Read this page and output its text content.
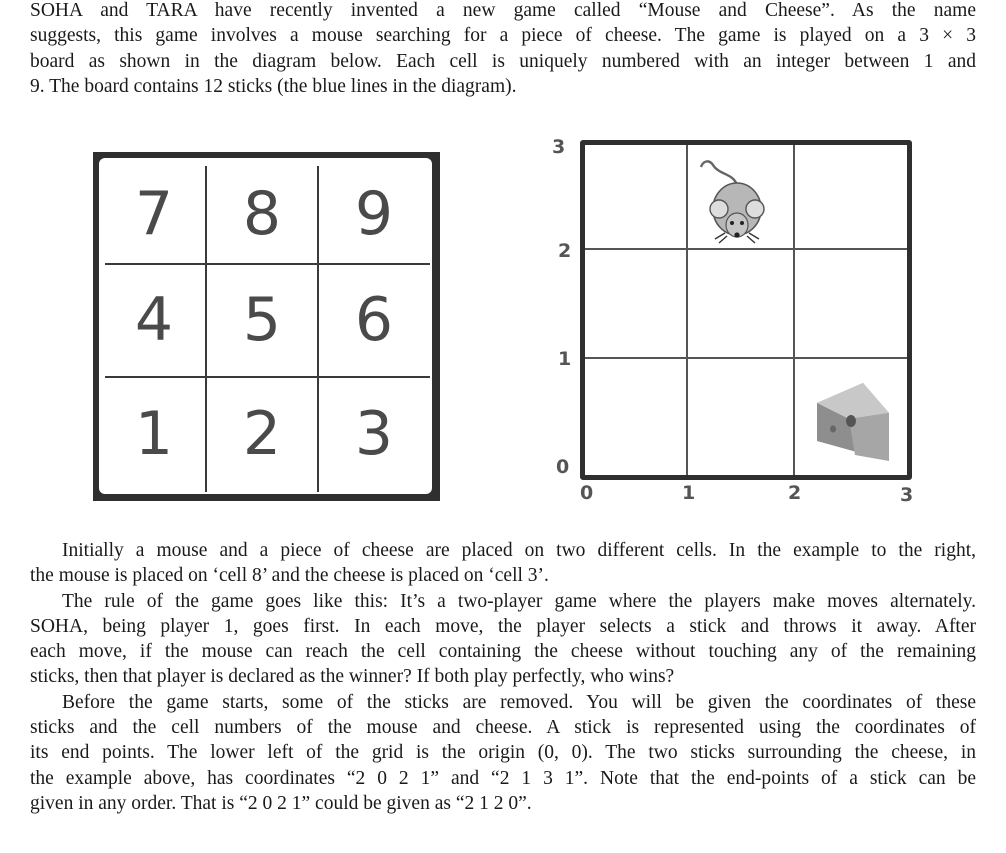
SOHA and TARA have recently invented a new game called “Mouse and Cheese”. As the name
suggests, this game involves a mouse searching for a piece of cheese. The game is played on a 3 × 3
board as shown in the diagram below. Each cell is uniquely numbered with an integer between 1 and
9. The board contains 12 sticks (the blue lines in the diagram).

7	8	9
4	5	6
1	2	3
3
2
1
0
0	1	2	3

Initially a mouse and a piece of cheese are placed on two different cells. In the example to the right,
the mouse is placed on ‘cell 8’ and the cheese is placed on ‘cell 3’.

The rule of the game goes like this: It’s a two-player game where the players make moves alternately.
SOHA, being player 1, goes first. In each move, the player selects a stick and throws it away. After
each move, if the mouse can reach the cell containing the cheese without touching any of the remaining
sticks, then that player is declared as the winner? If both play perfectly, who wins?

Before the game starts, some of the sticks are removed. You will be given the coordinates of these
sticks and the cell numbers of the mouse and cheese. A stick is represented using the coordinates of
its end points. The lower left of the grid is the origin (0, 0). The two sticks surrounding the cheese, in
the example above, has coordinates “2 0 2 1” and “2 1 3 1”. Note that the end-points of a stick can be
given in any order. That is “2 0 2 1” could be given as “2 1 2 0”.
